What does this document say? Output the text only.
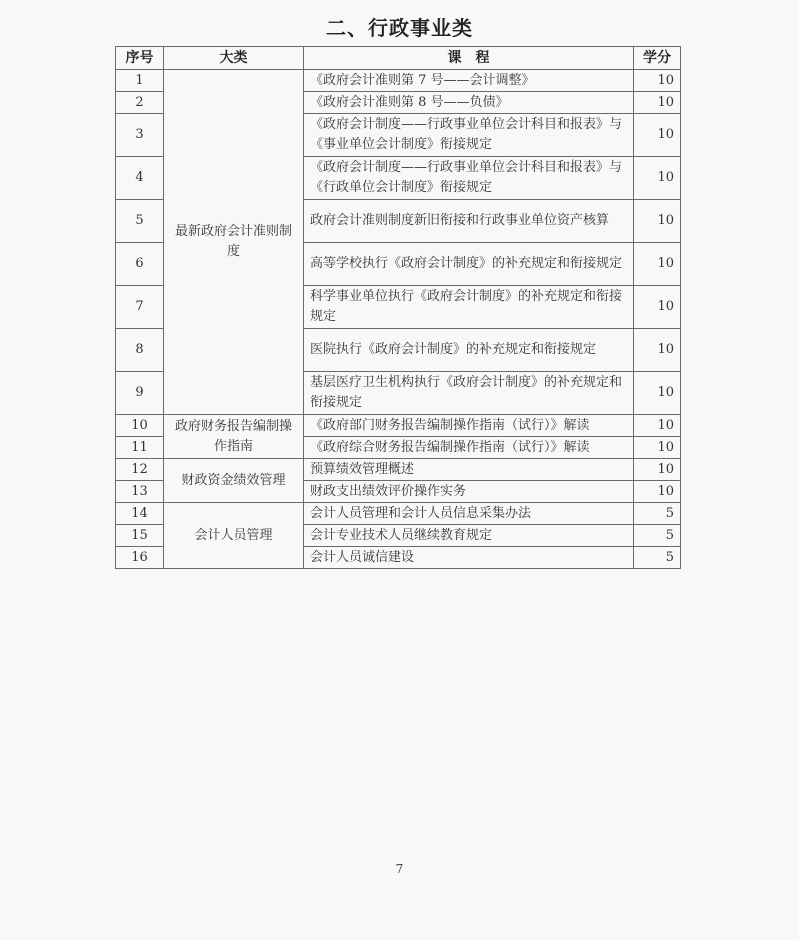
二、行政事业类
序号	大类	课　程	学分
1	最新政府会计准则制度	《政府会计准则第 7 号——会计调整》	10
2		《政府会计准则第 8 号——负债》	10
3		《政府会计制度——行政事业单位会计科目和报表》与《事业单位会计制度》衔接规定	10
4		《政府会计制度——行政事业单位会计科目和报表》与《行政单位会计制度》衔接规定	10
5		政府会计准则制度新旧衔接和行政事业单位资产核算	10
6		高等学校执行《政府会计制度》的补充规定和衔接规定	10
7		科学事业单位执行《政府会计制度》的补充规定和衔接规定	10
8		医院执行《政府会计制度》的补充规定和衔接规定	10
9		基层医疗卫生机构执行《政府会计制度》的补充规定和衔接规定	10
10	政府财务报告编制操作指南	《政府部门财务报告编制操作指南（试行）》解读	10
11		《政府综合财务报告编制操作指南（试行）》解读	10
12	财政资金绩效管理	预算绩效管理概述	10
13		财政支出绩效评价操作实务	10
14	会计人员管理	会计人员管理和会计人员信息采集办法	5
15		会计专业技术人员继续教育规定	5
16		会计人员诚信建设	5
7
